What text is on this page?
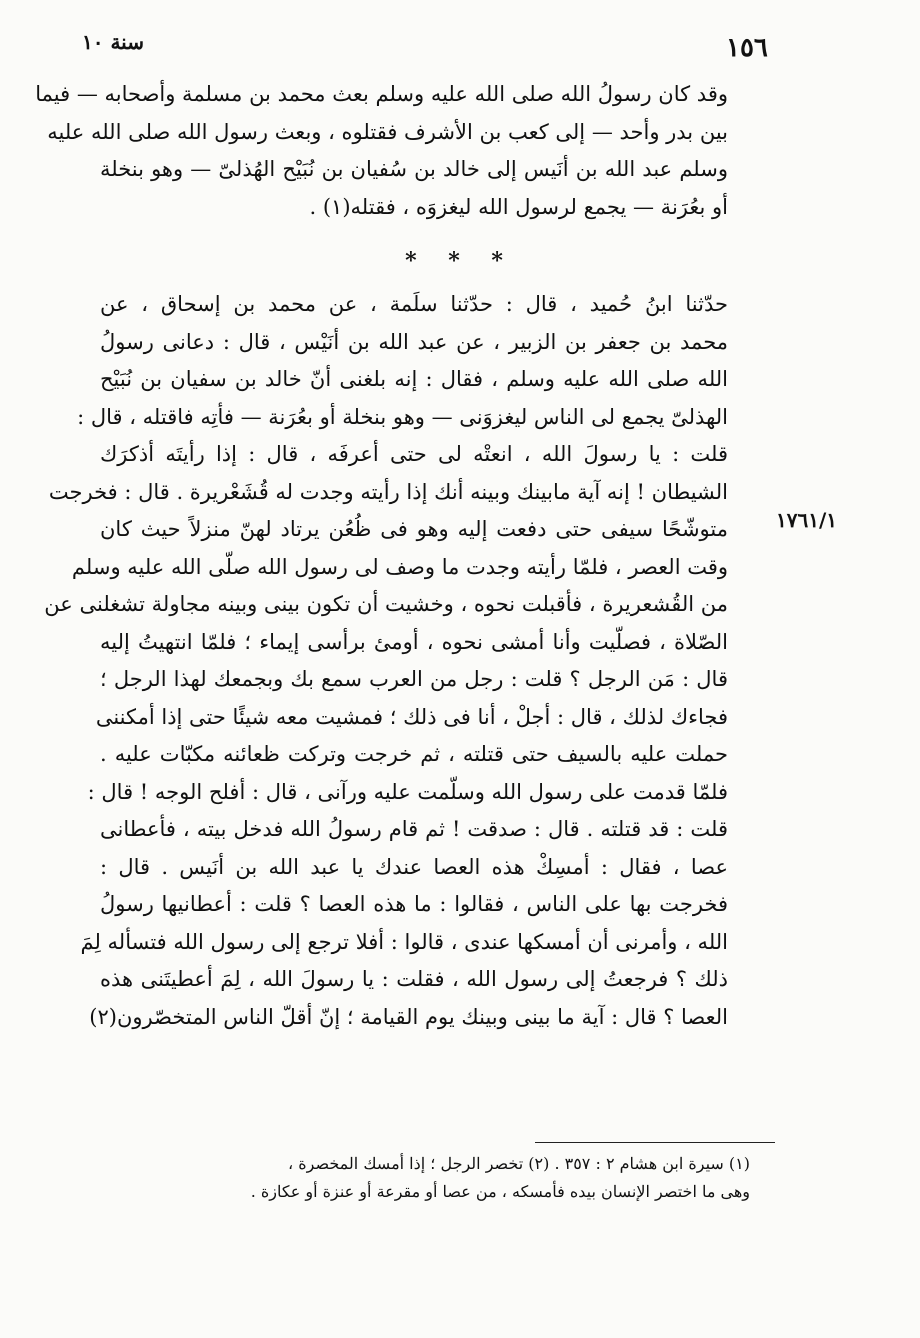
سنة ١٠	١٥٦
وقد كان رسولُ الله صلى الله عليه وسلم بعث محمد بن مسلمة وأصحابه — فيما
بين بدر وأحد — إلى كعب بن الأشرف فقتلوه ، وبعث رسول الله صلى الله عليه
وسلم عبد الله بن أنَيس إلى خالد بن سُفيان بن نُبَيْح الهُذلىّ — وهو بنخلة
أو بعُرَنة — يجمع لرسول الله ليغزوَه ، فقتله(١) .
* * *
حدّثنا ابنُ حُميد ، قال : حدّثنا سلَمة ، عن محمد بن إسحاق ، عن
محمد بن جعفر بن الزبير ، عن عبد الله بن أنَيْس ، قال : دعانى رسولُ
الله صلى الله عليه وسلم ، فقال : إنه بلغنى أنّ خالد بن سفيان بن نُبَيْح
الهذلىّ يجمع لى الناس ليغزوَنى — وهو بنخلة أو بعُرَنة — فأتِه فاقتله ، قال :
قلت : يا رسولَ الله ، انعتْه لى حتى أعرفَه ، قال : إذا رأيتَه أذكرَك
الشيطان ! إنه آية مابينك وبينه أنك إذا رأيته وجدت له قُشَعْريرة . قال : فخرجت
متوشّحًا سيفى حتى دفعت إليه وهو فى ظُعُن يرتاد لهنّ منزلاً حيث كان
وقت العصر ، فلمّا رأيته وجدت ما وصف لى رسول الله صلّى الله عليه وسلم
من القُشعريرة ، فأقبلت نحوه ، وخشيت أن تكون بينى وبينه مجاولة تشغلنى عن
الصّلاة ، فصلّيت وأنا أمشى نحوه ، أومئ برأسى إيماء ؛ فلمّا انتهيتُ إليه
قال : مَن الرجل ؟ قلت : رجل من العرب سمع بك وبجمعك لهذا الرجل ؛
فجاءك لذلك ، قال : أجلْ ، أنا فى ذلك ؛ فمشيت معه شيئًا حتى إذا أمكننى
حملت عليه بالسيف حتى قتلته ، ثم خرجت وتركت ظعائنه مكبّات عليه .
فلمّا قدمت على رسول الله وسلّمت عليه ورآنى ، قال : أفلح الوجه ! قال :
قلت : قد قتلته . قال : صدقت ! ثم قام رسولُ الله فدخل بيته ، فأعطانى
عصا ، فقال : أمسِكْ هذه العصا عندك يا عبد الله بن أنَيس . قال :
فخرجت بها على الناس ، فقالوا : ما هذه العصا ؟ قلت : أعطانيها رسولُ
الله ، وأمرنى أن أمسكها عندى ، قالوا : أفلا ترجع إلى رسول الله فتسأله لِمَ
ذلك ؟ فرجعتُ إلى رسول الله ، فقلت : يا رسولَ الله ، لِمَ أعطيتَنى هذه
العصا ؟ قال : آية ما بينى وبينك يوم القيامة ؛ إنّ أقلّ الناس المتخصّرون(٢)
١٧٦١/١
(١) سيرة ابن هشام ٢ : ٣٥٧ . (٢) تخصر الرجل ؛ إذا أمسك المخصرة ،
وهى ما اختصر الإنسان بيده فأمسكه ، من عصا أو مقرعة أو عنزة أو عكازة .
